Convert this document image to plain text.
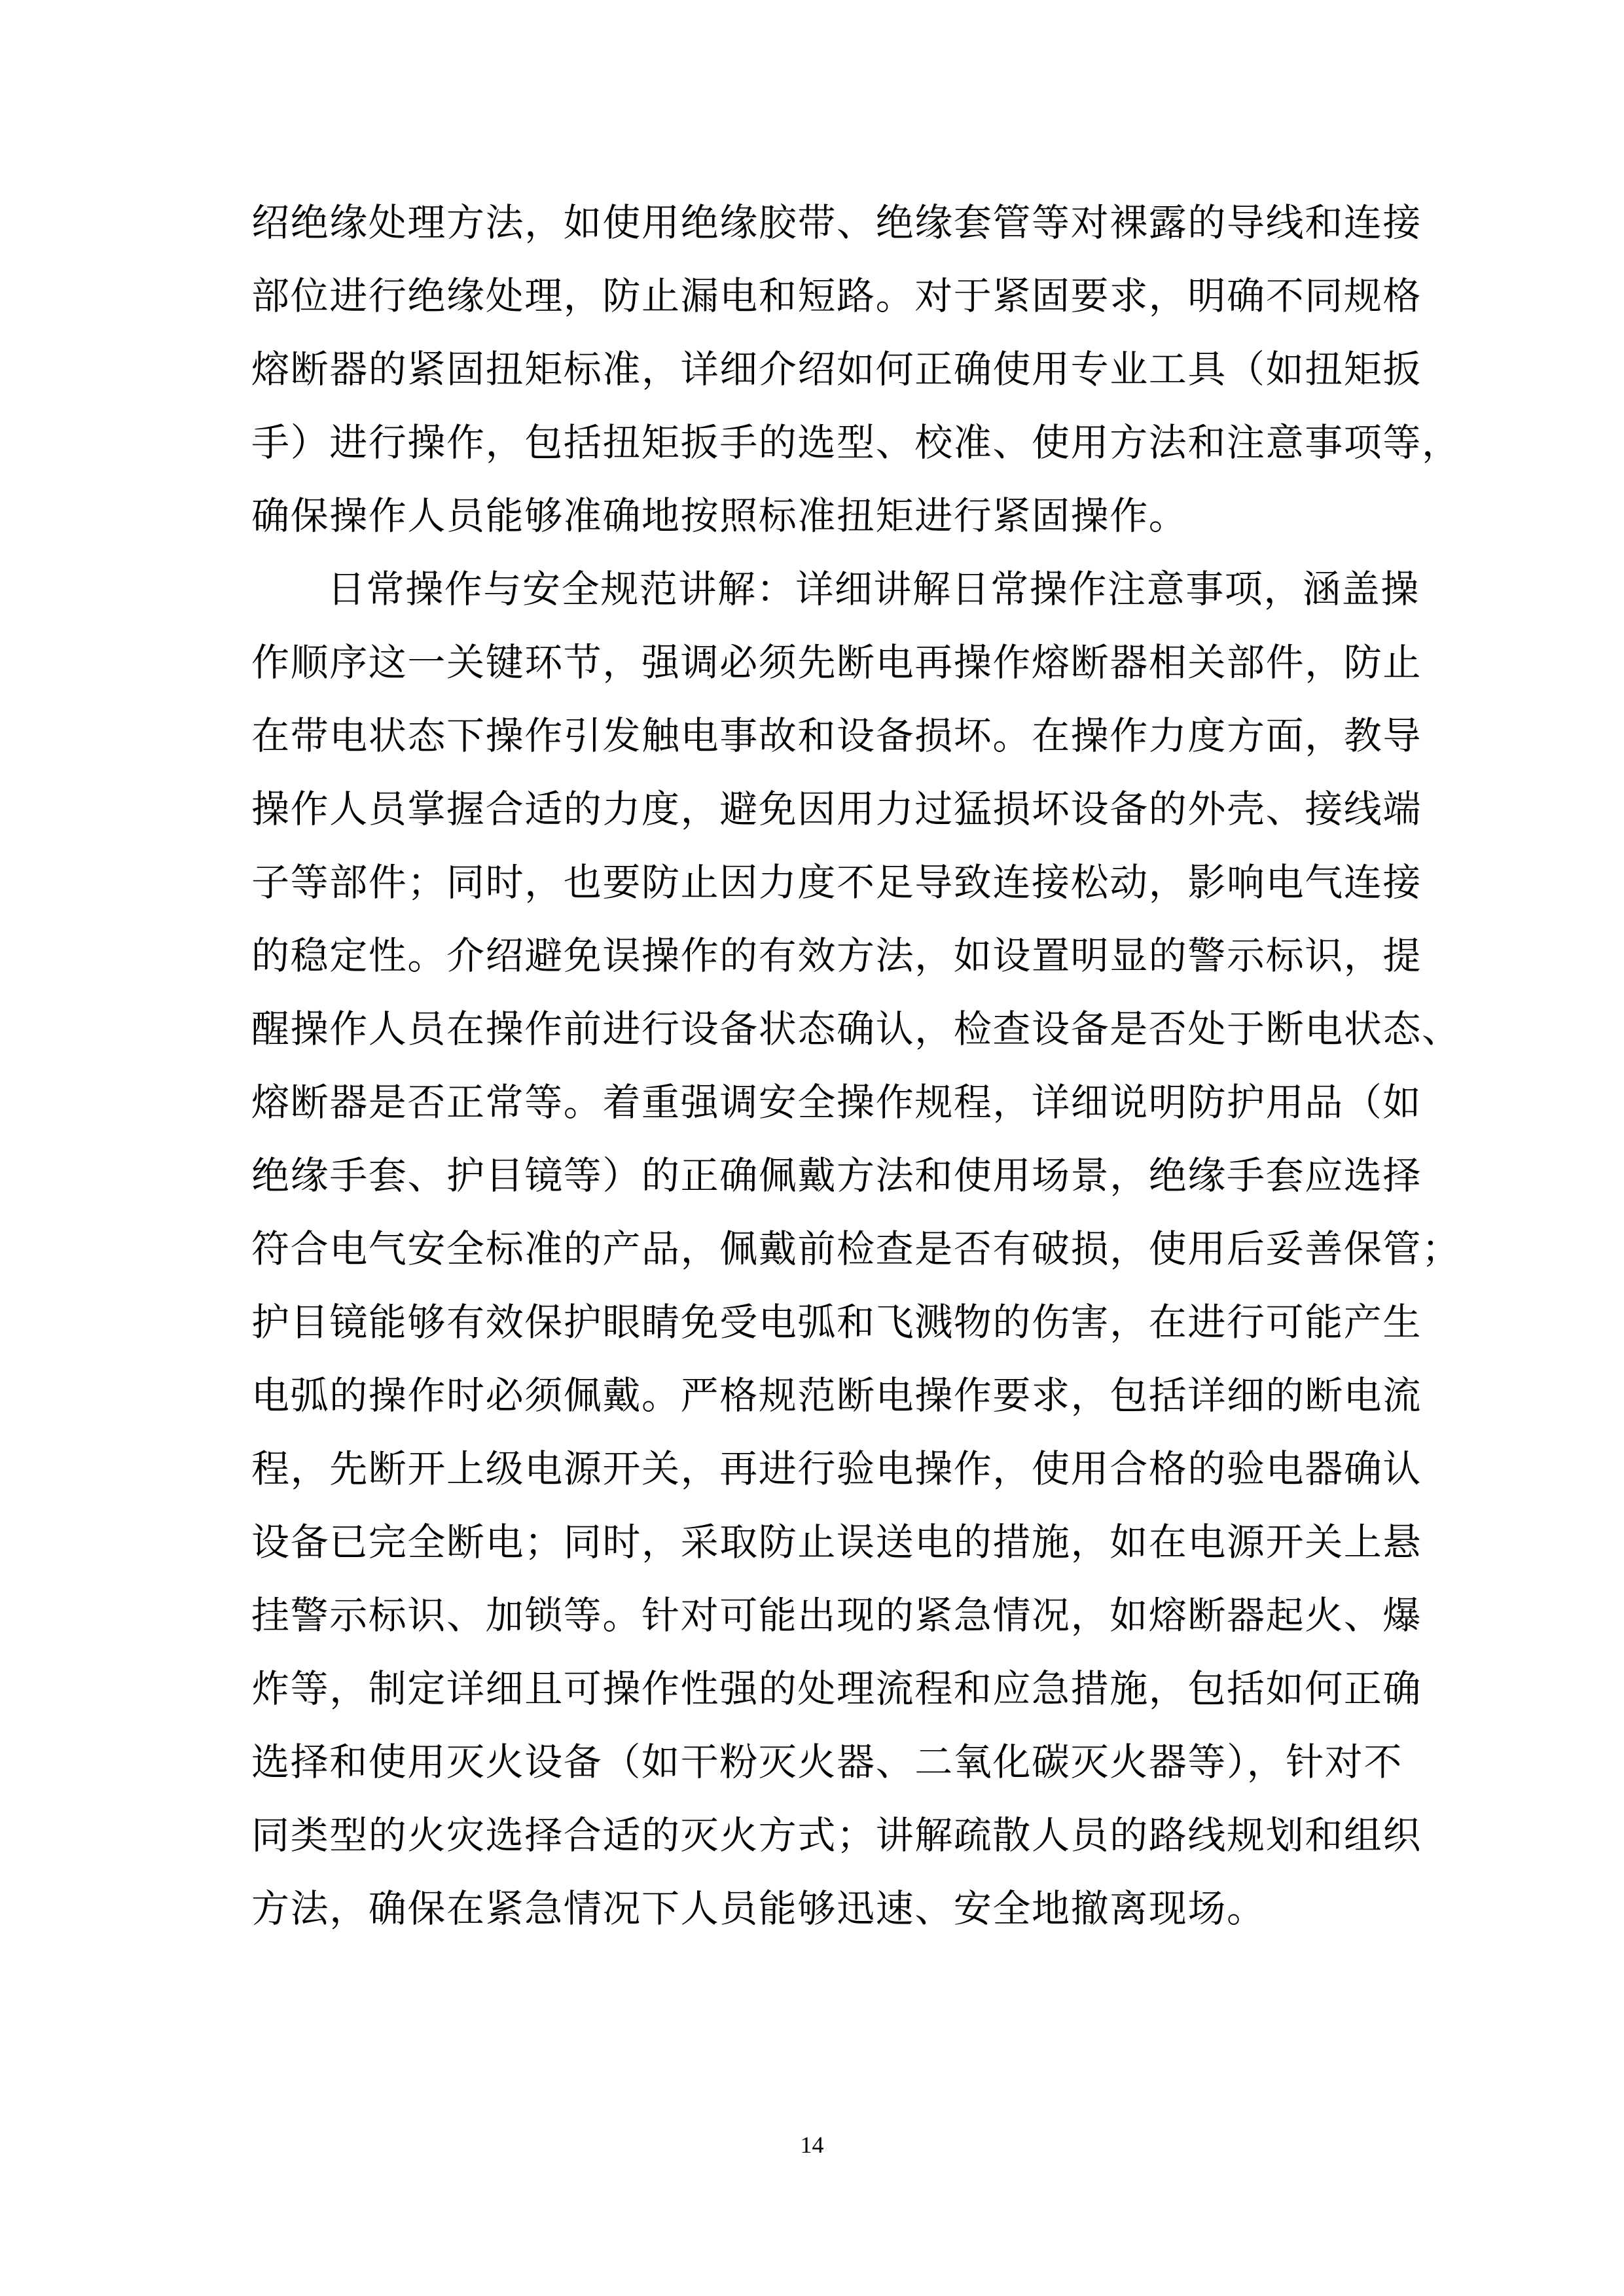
绍绝缘处理方法，如使用绝缘胶带、绝缘套管等对裸露的导线和连接
部位进行绝缘处理，防止漏电和短路。对于紧固要求，明确不同规格
熔断器的紧固扭矩标准，详细介绍如何正确使用专业工具（如扭矩扳
手）进行操作，包括扭矩扳手的选型、校准、使用方法和注意事项等，
确保操作人员能够准确地按照标准扭矩进行紧固操作。
日常操作与安全规范讲解：详细讲解日常操作注意事项，涵盖操
作顺序这一关键环节，强调必须先断电再操作熔断器相关部件，防止
在带电状态下操作引发触电事故和设备损坏。在操作力度方面，教导
操作人员掌握合适的力度，避免因用力过猛损坏设备的外壳、接线端
子等部件；同时，也要防止因力度不足导致连接松动，影响电气连接
的稳定性。介绍避免误操作的有效方法，如设置明显的警示标识，提
醒操作人员在操作前进行设备状态确认，检查设备是否处于断电状态、
熔断器是否正常等。着重强调安全操作规程，详细说明防护用品（如
绝缘手套、护目镜等）的正确佩戴方法和使用场景，绝缘手套应选择
符合电气安全标准的产品，佩戴前检查是否有破损，使用后妥善保管；
护目镜能够有效保护眼睛免受电弧和飞溅物的伤害，在进行可能产生
电弧的操作时必须佩戴。严格规范断电操作要求，包括详细的断电流
程，先断开上级电源开关，再进行验电操作，使用合格的验电器确认
设备已完全断电；同时，采取防止误送电的措施，如在电源开关上悬
挂警示标识、加锁等。针对可能出现的紧急情况，如熔断器起火、爆
炸等，制定详细且可操作性强的处理流程和应急措施，包括如何正确
选择和使用灭火设备（如干粉灭火器、二氧化碳灭火器等），针对不
同类型的火灾选择合适的灭火方式；讲解疏散人员的路线规划和组织
方法，确保在紧急情况下人员能够迅速、安全地撤离现场。
14
